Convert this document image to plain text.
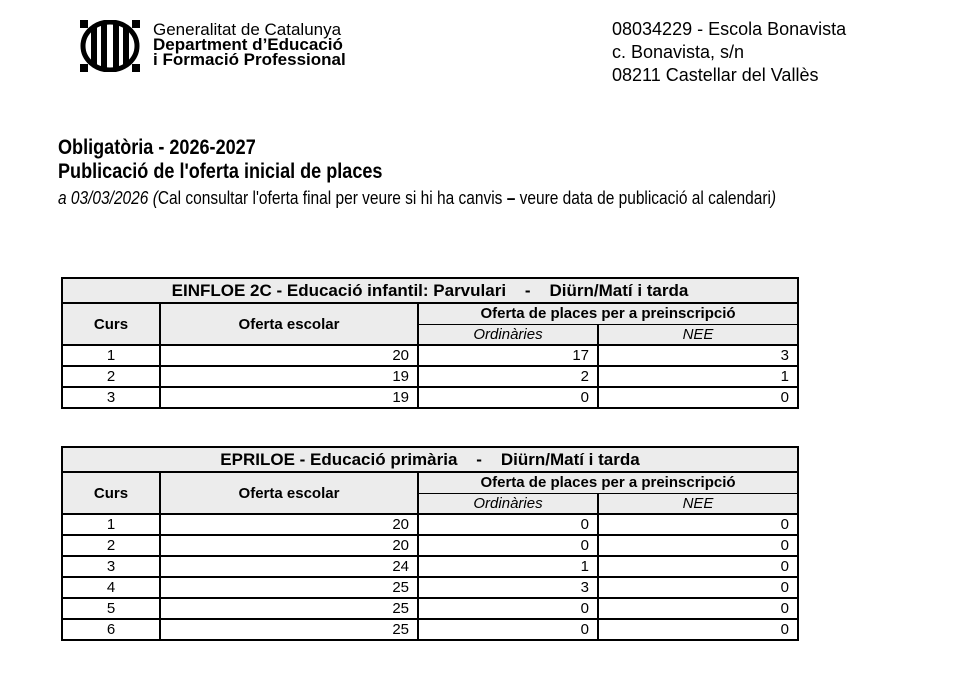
Generalitat de Catalunya
Department d’Educació
i Formació Professional
08034229 - Escola Bonavista
c. Bonavista, s/n
08211 Castellar del Vallès
Obligatòria - 2026-2027
Publicació de l'oferta inicial de places
a 03/03/2026 (Cal consultar l'oferta final per veure si hi ha canvis – veure data de publicació al calendari)
EINFLOE 2C - Educació infantil: Parvulari    -    Diürn/Matí i tarda			
Curs	Oferta escolar	Oferta de places per a preinscripció	
		Ordinàries	NEE
1	20	17	3
2	19	2	1
3	19	0	0
EPRILOE - Educació primària    -    Diürn/Matí i tarda			
Curs	Oferta escolar	Oferta de places per a preinscripció	
		Ordinàries	NEE
1	20	0	0
2	20	0	0
3	24	1	0
4	25	3	0
5	25	0	0
6	25	0	0
